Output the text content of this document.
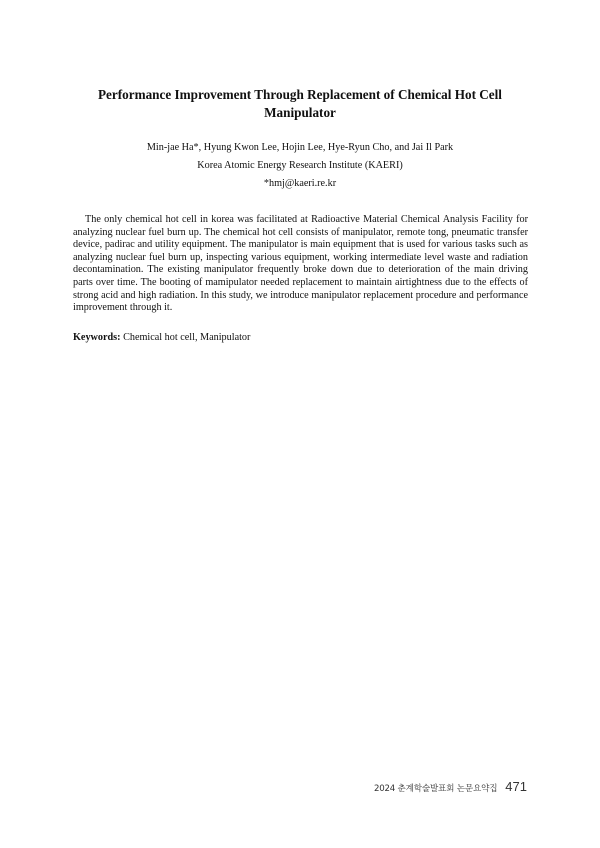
Performance Improvement Through Replacement of Chemical Hot Cell Manipulator

Min-jae Ha*, Hyung Kwon Lee, Hojin Lee, Hye-Ryun Cho, and Jai Il Park

Korea Atomic Energy Research Institute (KAERI)

*hmj@kaeri.re.kr

The only chemical hot cell in korea was facilitated at Radioactive Material Chemical Analysis Facility for analyzing nuclear fuel burn up. The chemical hot cell consists of manipulator, remote tong, pneumatic transfer device, padirac and utility equipment. The manipulator is main equipment that is used for various tasks such as analyzing nuclear fuel burn up, inspecting various equipment, working intermediate level waste and radiation decontamination. The existing manipulator frequently broke down due to deterioration of the main driving parts over time. The booting of mamipulator needed replacement to maintain airtightness due to the effects of strong acid and high radiation. In this study, we introduce manipulator replacement procedure and performance improvement through it.

Keywords: Chemical hot cell, Manipulator

2024 춘계학술발표회 논문요약집 471
